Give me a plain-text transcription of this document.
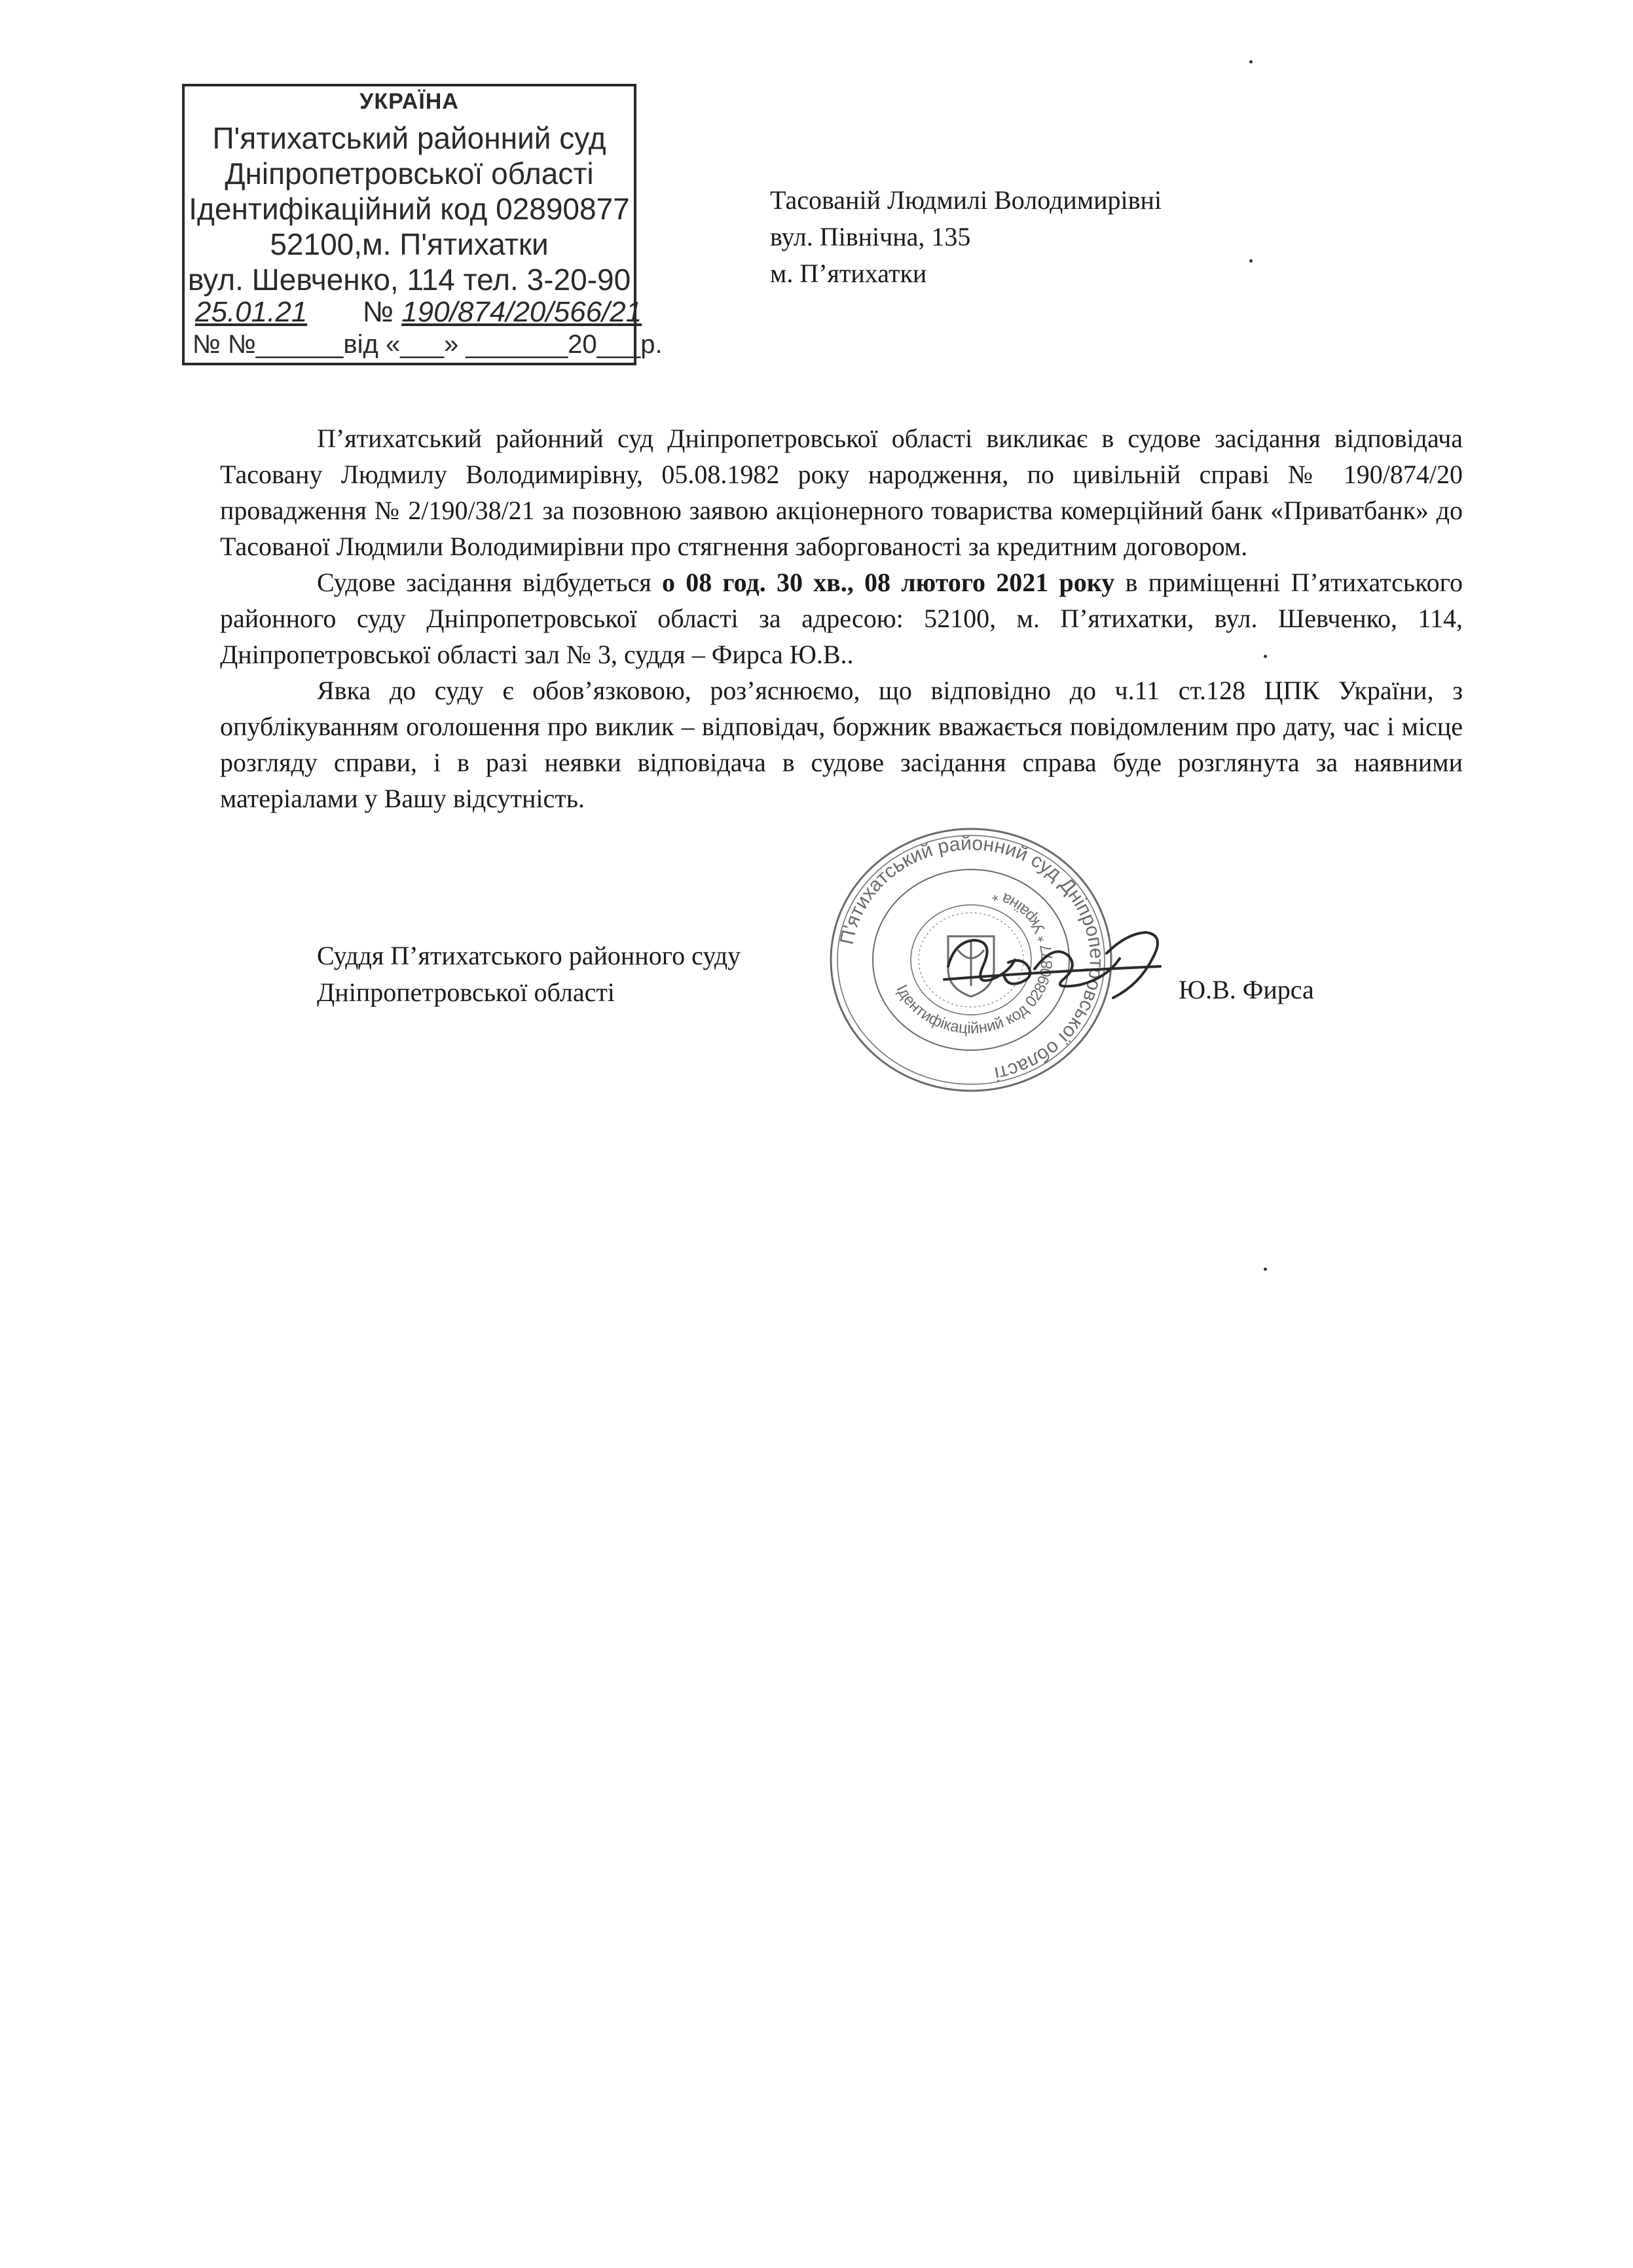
УКРАЇНА
П'ятихатський районний суд
Дніпропетровської області
Ідентифікаційний код 02890877
52100,м. П'ятихатки
вул. Шевченко, 114 тел. 3-20-90
25.01.21 № 190/874/20/566/21
№ №______від «___» _______20___р.
Тасованій Людмилі Володимирівні
вул. Північна, 135
м. П’ятихатки

П’ятихатський районний суд Дніпропетровської області викликає в судове засідання відповідача Тасовану Людмилу Володимирівну, 05.08.1982 року народження, по цивільній справі № 190/874/20 провадження № 2/190/38/21 за позовною заявою акціонерного товариства комерційний банк «Приватбанк» до Тасованої Людмили Володимирівни про стягнення заборгованості за кредитним договором.

Судове засідання відбудеться о 08 год. 30 хв., 08 лютого 2021 року в приміщенні П’ятихатського районного суду Дніпропетровської області за адресою: 52100, м. П’ятихатки, вул. Шевченко, 114, Дніпропетровської області зал № 3, суддя – Фирса Ю.В..

Явка до суду є обов’язковою, роз’яснюємо, що відповідно до ч.11 ст.128 ЦПК України, з опублікуванням оголошення про виклик – відповідач, боржник вважається повідомленим про дату, час і місце розгляду справи, і в разі неявки відповідача в судове засідання справа буде розглянута за наявними матеріалами у Вашу відсутність.

П'ятихатський районний суд Дніпропетровської області
Ідентифікаційний код 02890877 * Україна *
Суддя П’ятихатського районного суду
Дніпропетровської області	Ю.В. Фирса
